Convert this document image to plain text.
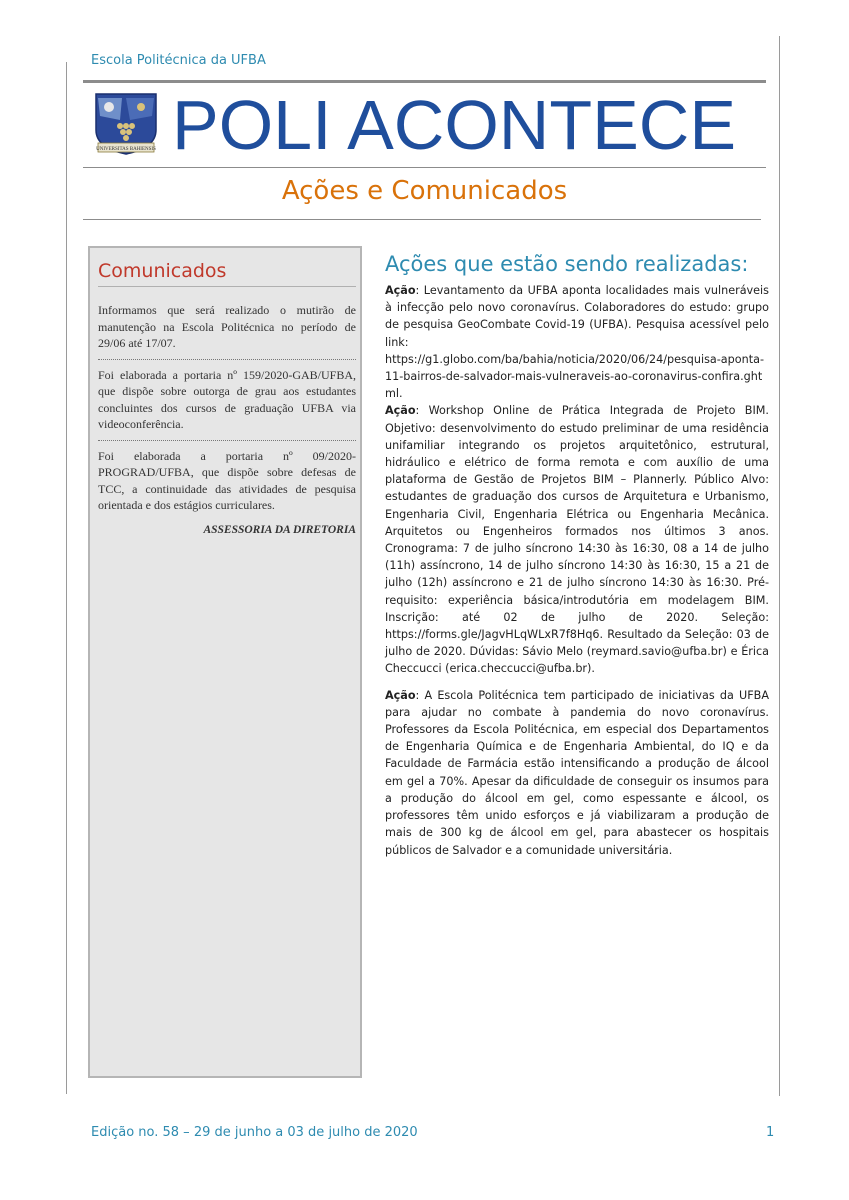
Escola Politécnica da UFBA
UNIVERSITAS BAHIENSIS POLI ACONTECE
Ações e Comunicados
Comunicados

Informamos que será realizado o mutirão de manutenção na Escola Politécnica no período de 29/06 até 17/07.

Foi elaborada a portaria nº 159/2020-GAB/UFBA, que dispõe sobre outorga de grau aos estudantes concluintes dos cursos de graduação UFBA via videoconferência.

Foi elaborada a portaria nº 09/2020-PROGRAD/UFBA, que dispõe sobre defesas de TCC, a continuidade das atividades de pesquisa orientada e dos estágios curriculares.

ASSESSORIA DA DIRETORIA
Ações que estão sendo realizadas:

Ação: Levantamento da UFBA aponta localidades mais vulneráveis à infecção pelo novo coronavírus. Colaboradores do estudo: grupo de pesquisa GeoCombate Covid-19 (UFBA). Pesquisa acessível pelo link:

https://g1.globo.com/ba/bahia/noticia/2020/06/24/pesquisa-aponta-11-bairros-de-salvador-mais-vulneraveis-ao-coronavirus-confira.ghtml.

Ação: Workshop Online de Prática Integrada de Projeto BIM. Objetivo: desenvolvimento do estudo preliminar de uma residência unifamiliar integrando os projetos arquitetônico, estrutural, hidráulico e elétrico de forma remota e com auxílio de uma plataforma de Gestão de Projetos BIM – Plannerly. Público Alvo: estudantes de graduação dos cursos de Arquitetura e Urbanismo, Engenharia Civil, Engenharia Elétrica ou Engenharia Mecânica. Arquitetos ou Engenheiros formados nos últimos 3 anos. Cronograma: 7 de julho síncrono 14:30 às 16:30, 08 a 14 de julho (11h) assíncrono, 14 de julho síncrono 14:30 às 16:30, 15 a 21 de julho (12h) assíncrono e 21 de julho síncrono 14:30 às 16:30. Pré-requisito: experiência básica/introdutória em modelagem BIM. Inscrição: até 02 de julho de 2020. Seleção: https://forms.gle/JagvHLqWLxR7f8Hq6. Resultado da Seleção: 03 de julho de 2020. Dúvidas: Sávio Melo (reymard.savio@ufba.br) e Érica Checcucci (erica.checcucci@ufba.br).

Ação: A Escola Politécnica tem participado de iniciativas da UFBA para ajudar no combate à pandemia do novo coronavírus. Professores da Escola Politécnica, em especial dos Departamentos de Engenharia Química e de Engenharia Ambiental, do IQ e da Faculdade de Farmácia estão intensificando a produção de álcool em gel a 70%. Apesar da dificuldade de conseguir os insumos para a produção do álcool em gel, como espessante e álcool, os professores têm unido esforços e já viabilizaram a produção de mais de 300 kg de álcool em gel, para abastecer os hospitais públicos de Salvador e a comunidade universitária.

Edição no. 58 – 29 de junho a 03 de julho de 2020	1
